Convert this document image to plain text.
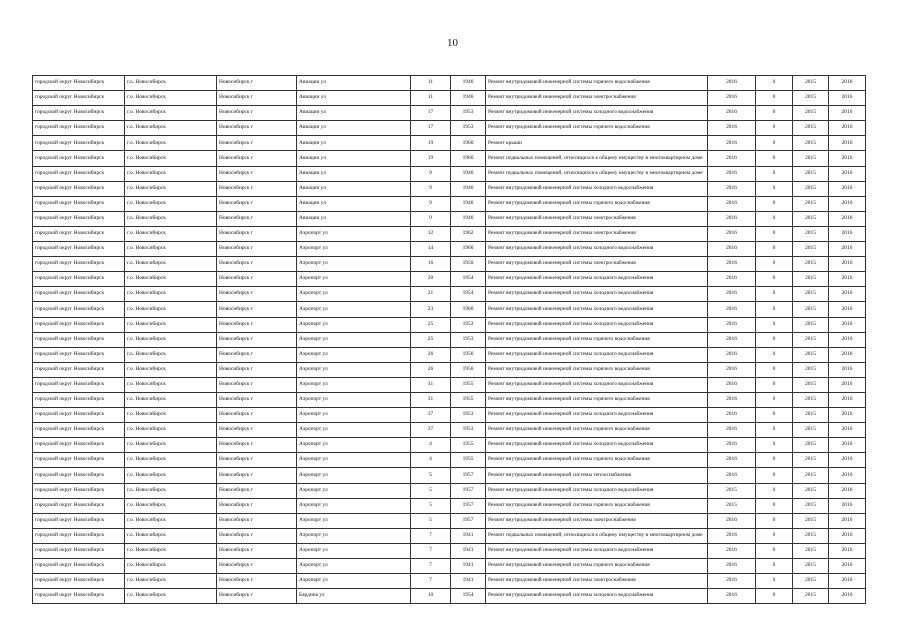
10
городской округ Новосибирск	г.о. Новосибирск	Новосибирск г	Авиации ул	11	1946	Ремонт внутридомовой инженерной системы горячего водоснабжения	2016	0	2015	2016
городской округ Новосибирск	г.о. Новосибирск	Новосибирск г	Авиации ул	11	1946	Ремонт внутридомовой инженерной системы электроснабжения	2016	0	2015	2016
городской округ Новосибирск	г.о. Новосибирск	Новосибирск г	Авиации ул	17	1953	Ремонт внутридомовой инженерной системы холодного водоснабжения	2016	0	2015	2016
городской округ Новосибирск	г.о. Новосибирск	Новосибирск г	Авиации ул	17	1953	Ремонт внутридомовой инженерной системы горячего водоснабжения	2016	0	2015	2016
городской округ Новосибирск	г.о. Новосибирск	Новосибирск г	Авиации ул	19	1960	Ремонт крыши	2016	0	2015	2016
городской округ Новосибирск	г.о. Новосибирск	Новосибирск г	Авиации ул	19	1960	Ремонт подвальных помещений, относящихся к общему имуществу в многоквартирном доме	2016	0	2015	2016
городской округ Новосибирск	г.о. Новосибирск	Новосибирск г	Авиации ул	9	1946	Ремонт подвальных помещений, относящихся к общему имуществу в многоквартирном доме	2016	0	2015	2016
городской округ Новосибирск	г.о. Новосибирск	Новосибирск г	Авиации ул	9	1946	Ремонт внутридомовой инженерной системы холодного водоснабжения	2016	0	2015	2016
городской округ Новосибирск	г.о. Новосибирск	Новосибирск г	Авиации ул	9	1946	Ремонт внутридомовой инженерной системы горячего водоснабжения	2016	0	2015	2016
городской округ Новосибирск	г.о. Новосибирск	Новосибирск г	Авиации ул	9	1946	Ремонт внутридомовой инженерной системы электроснабжения	2016	0	2015	2016
городской округ Новосибирск	г.о. Новосибирск	Новосибирск г	Аэропорт ул	12	1962	Ремонт внутридомовой инженерной системы электроснабжения	2016	0	2015	2016
городской округ Новосибирск	г.о. Новосибирск	Новосибирск г	Аэропорт ул	14	1960	Ремонт внутридомовой инженерной системы холодного водоснабжения	2016	0	2015	2016
городской округ Новосибирск	г.о. Новосибирск	Новосибирск г	Аэропорт ул	16	1950	Ремонт внутридомовой инженерной системы электроснабжения	2016	0	2015	2016
городской округ Новосибирск	г.о. Новосибирск	Новосибирск г	Аэропорт ул	20	1954	Ремонт внутридомовой инженерной системы холодного водоснабжения	2016	0	2015	2016
городской округ Новосибирск	г.о. Новосибирск	Новосибирск г	Аэропорт ул	21	1954	Ремонт внутридомовой инженерной системы холодного водоснабжения	2016	0	2015	2016
городской округ Новосибирск	г.о. Новосибирск	Новосибирск г	Аэропорт ул	23	1960	Ремонт внутридомовой инженерной системы холодного водоснабжения	2016	0	2015	2016
городской округ Новосибирск	г.о. Новосибирск	Новосибирск г	Аэропорт ул	25	1953	Ремонт внутридомовой инженерной системы холодного водоснабжения	2016	0	2015	2016
городской округ Новосибирск	г.о. Новосибирск	Новосибирск г	Аэропорт ул	25	1953	Ремонт внутридомовой инженерной системы горячего водоснабжения	2016	0	2015	2016
городской округ Новосибирск	г.о. Новосибирск	Новосибирск г	Аэропорт ул	26	1956	Ремонт внутридомовой инженерной системы холодного водоснабжения	2016	0	2015	2016
городской округ Новосибирск	г.о. Новосибирск	Новосибирск г	Аэропорт ул	26	1956	Ремонт внутридомовой инженерной системы горячего водоснабжения	2016	0	2015	2016
городской округ Новосибирск	г.о. Новосибирск	Новосибирск г	Аэропорт ул	31	1955	Ремонт внутридомовой инженерной системы холодного водоснабжения	2016	0	2015	2016
городской округ Новосибирск	г.о. Новосибирск	Новосибирск г	Аэропорт ул	31	1955	Ремонт внутридомовой инженерной системы горячего водоснабжения	2016	0	2015	2016
городской округ Новосибирск	г.о. Новосибирск	Новосибирск г	Аэропорт ул	37	1953	Ремонт внутридомовой инженерной системы холодного водоснабжения	2016	0	2015	2016
городской округ Новосибирск	г.о. Новосибирск	Новосибирск г	Аэропорт ул	37	1953	Ремонт внутридомовой инженерной системы горячего водоснабжения	2016	0	2015	2016
городской округ Новосибирск	г.о. Новосибирск	Новосибирск г	Аэропорт ул	4	1955	Ремонт внутридомовой инженерной системы холодного водоснабжения	2016	0	2015	2016
городской округ Новосибирск	г.о. Новосибирск	Новосибирск г	Аэропорт ул	4	1955	Ремонт внутридомовой инженерной системы горячего водоснабжения	2016	0	2015	2016
городской округ Новосибирск	г.о. Новосибирск	Новосибирск г	Аэропорт ул	5	1957	Ремонт внутридомовой инженерной системы теплоснабжения	2016	0	2015	2016
городской округ Новосибирск	г.о. Новосибирск	Новосибирск г	Аэропорт ул	5	1957	Ремонт внутридомовой инженерной системы холодного водоснабжения	2015	0	2015	2016
городской округ Новосибирск	г.о. Новосибирск	Новосибирск г	Аэропорт ул	5	1957	Ремонт внутридомовой инженерной системы горячего водоснабжения	2015	0	2015	2016
городской округ Новосибирск	г.о. Новосибирск	Новосибирск г	Аэропорт ул	5	1957	Ремонт внутридомовой инженерной системы электроснабжения	2016	0	2015	2016
городской округ Новосибирск	г.о. Новосибирск	Новосибирск г	Аэропорт ул	7	1941	Ремонт подвальных помещений, относящихся к общему имуществу в многоквартирном доме	2016	0	2015	2016
городской округ Новосибирск	г.о. Новосибирск	Новосибирск г	Аэропорт ул	7	1941	Ремонт внутридомовой инженерной системы холодного водоснабжения	2016	0	2015	2016
городской округ Новосибирск	г.о. Новосибирск	Новосибирск г	Аэропорт ул	7	1941	Ремонт внутридомовой инженерной системы горячего водоснабжения	2016	0	2015	2016
городской округ Новосибирск	г.о. Новосибирск	Новосибирск г	Аэропорт ул	7	1941	Ремонт внутридомовой инженерной системы электроснабжения	2016	0	2015	2016
городской округ Новосибирск	г.о. Новосибирск	Новосибирск г	Бардина ул	10	1954	Ремонт внутридомовой инженерной системы холодного водоснабжения	2016	0	2015	2016
